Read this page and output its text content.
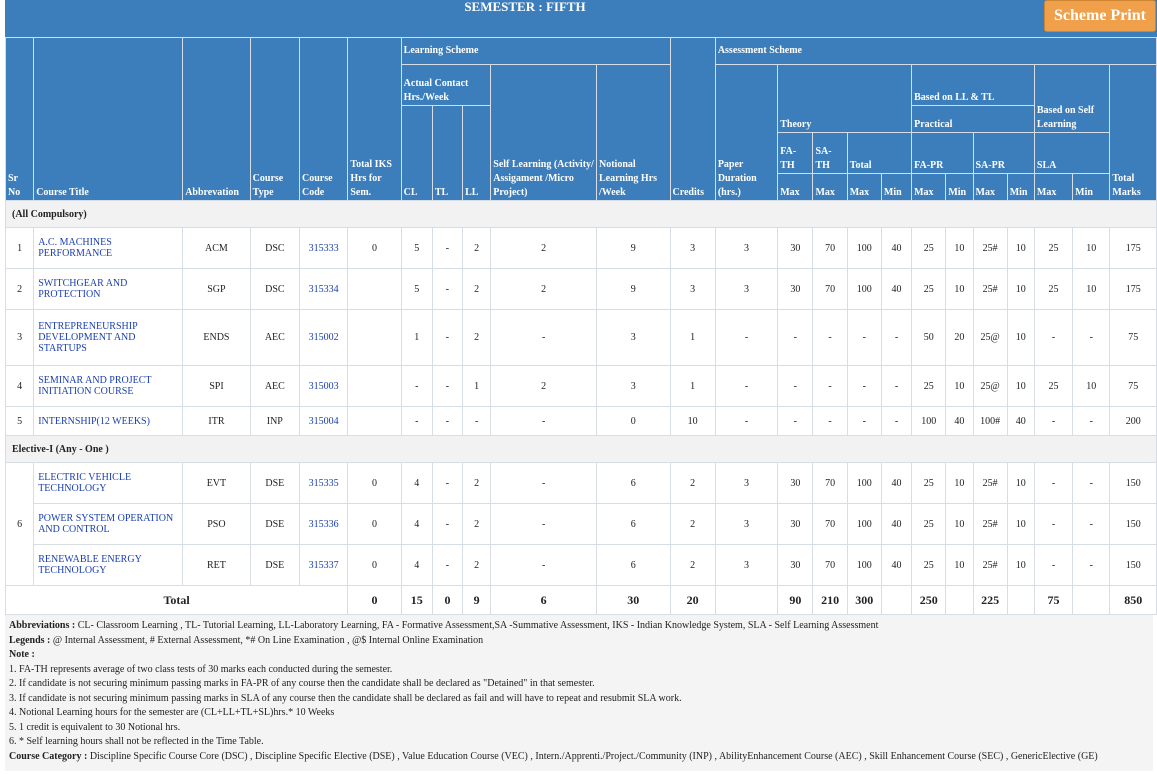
SEMESTER : FIFTH
Scheme Print
Sr No	Course Title	Abbrevation	Course Type	Course Code	Total IKS Hrs for Sem.	Learning Scheme					Credits	Assessment Scheme											
						Actual Contact Hrs./Week			Self Learning (Activity/ Assigament /Micro Project)	Notional Learning Hrs /Week		Paper Duration (hrs.)	Theory				Based on LL & TL				Based on Self Learning		Total Marks
						CL	TL	LL									Practical						

													FA-TH	SA-TH	Total		FA-PR		SA-PR		SLA		
													Max	Max	Max	Min	Max	Min	Max	Min	Max	Min	
(All Compulsory)																							
1	A.C. MACHINES PERFORMANCE	ACM	DSC	315333	0	5	-	2	2	9	3	3	30	70	100	40	25	10	25#	10	25	10	175
2	SWITCHGEAR AND PROTECTION	SGP	DSC	315334		5	-	2	2	9	3	3	30	70	100	40	25	10	25#	10	25	10	175
3	ENTREPRENEURSHIP DEVELOPMENT AND STARTUPS	ENDS	AEC	315002		1	-	2	-	3	1	-	-	-	-	-	50	20	25@	10	-	-	75
4	SEMINAR AND PROJECT INITIATION COURSE	SPI	AEC	315003		-	-	1	2	3	1	-	-	-	-	-	25	10	25@	10	25	10	75
5	INTERNSHIP(12 WEEKS)	ITR	INP	315004		-	-	-	-	0	10	-	-	-	-	-	100	40	100#	40	-	-	200
Elective-I (Any - One )																							
6	ELECTRIC VEHICLE TECHNOLOGY	EVT	DSE	315335	0	4	-	2	-	6	2	3	30	70	100	40	25	10	25#	10	-	-	150
	POWER SYSTEM OPERATION AND CONTROL	PSO	DSE	315336	0	4	-	2	-	6	2	3	30	70	100	40	25	10	25#	10	-	-	150
	RENEWABLE ENERGY TECHNOLOGY	RET	DSE	315337	0	4	-	2	-	6	2	3	30	70	100	40	25	10	25#	10	-	-	150
Total					0	15	0	9	6	30	20		90	210	300		250		225		75		850
Abbreviations : CL- Classroom Learning , TL- Tutorial Learning, LL-Laboratory Learning, FA - Formative Assessment,SA -Summative Assessment, IKS - Indian Knowledge System, SLA - Self Learning Assessment
Legends : @ Internal Assessment, # External Assessment, *# On Line Examination , @$ Internal Online Examination
Note :
1. FA-TH represents average of two class tests of 30 marks each conducted during the semester.
2. If candidate is not securing minimum passing marks in FA-PR of any course then the candidate shall be declared as "Detained" in that semester.
3. If candidate is not securing minimum passing marks in SLA of any course then the candidate shall be declared as fail and will have to repeat and resubmit SLA work.
4. Notional Learning hours for the semester are (CL+LL+TL+SL)hrs.* 10 Weeks
5. 1 credit is equivalent to 30 Notional hrs.
6. * Self learning hours shall not be reflected in the Time Table.
Course Category : Discipline Specific Course Core (DSC) , Discipline Specific Elective (DSE) , Value Education Course (VEC) , Intern./Apprenti./Project./Community (INP) , AbilityEnhancement Course (AEC) , Skill Enhancement Course (SEC) , GenericElective (GE)
